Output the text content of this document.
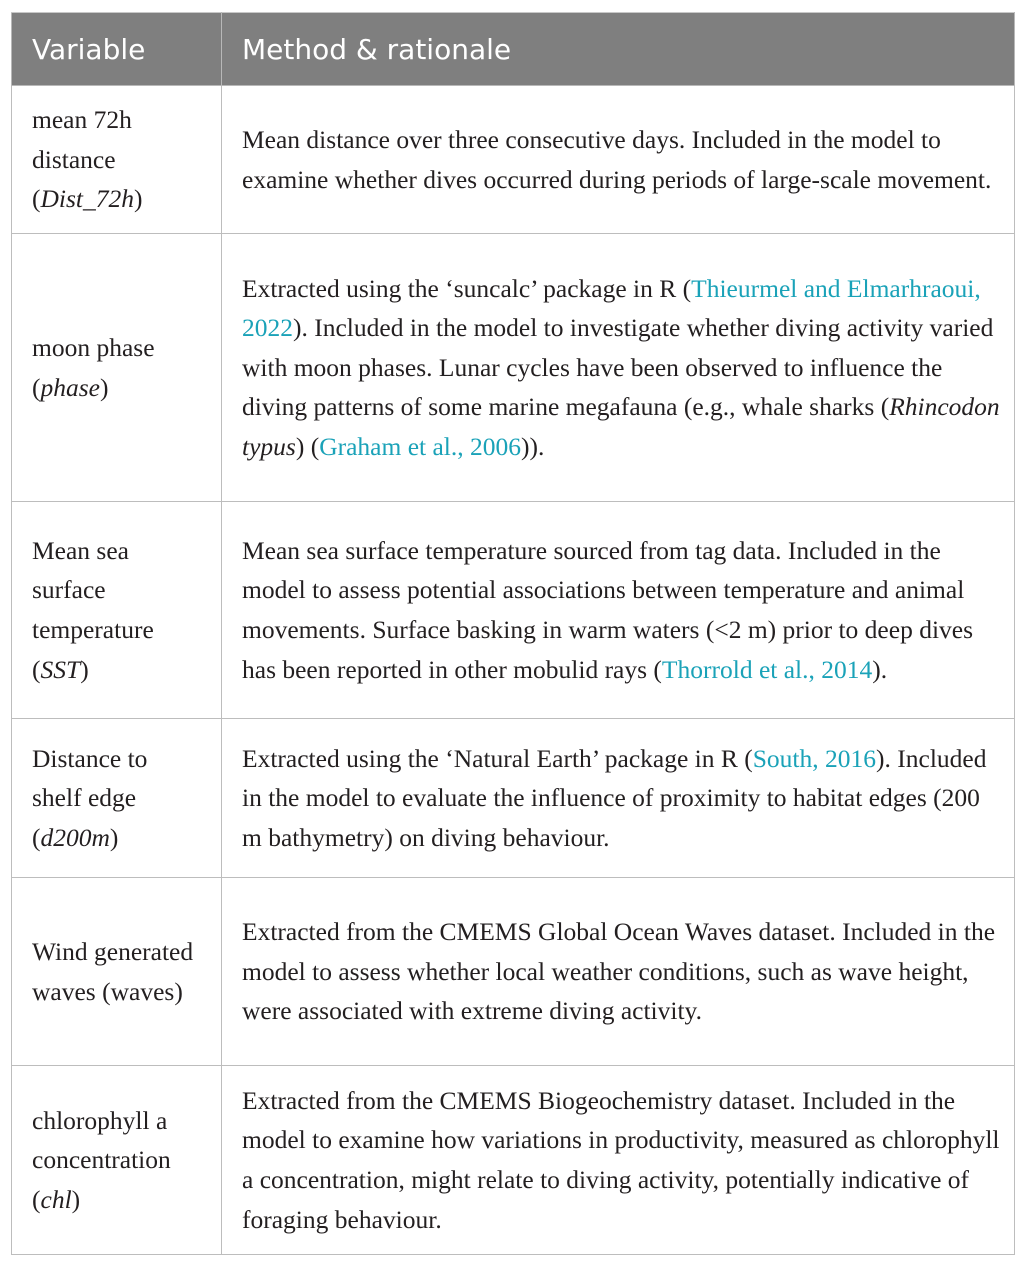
Variable	Method & rationale
mean 72h distance (Dist_72h)	Mean distance over three consecutive days. Included in the model to examine whether dives occurred during periods of large-scale movement.
moon phase (phase)	Extracted using the ‘suncalc’ package in R (Thieurmel and Elmarhraoui, 2022). Included in the model to investigate whether diving activity varied with moon phases. Lunar cycles have been observed to influence the diving patterns of some marine megafauna (e.g., whale sharks (Rhincodon typus) (Graham et al., 2006)).
Mean sea surface temperature (SST)	Mean sea surface temperature sourced from tag data. Included in the model to assess potential associations between temperature and animal movements. Surface basking in warm waters (<2 m) prior to deep dives has been reported in other mobulid rays (Thorrold et al., 2014).
Distance to shelf edge (d200m)	Extracted using the ‘Natural Earth’ package in R (South, 2016). Included in the model to evaluate the influence of proximity to habitat edges (200 m bathymetry) on diving behaviour.
Wind generated waves (waves)	Extracted from the CMEMS Global Ocean Waves dataset. Included in the model to assess whether local weather conditions, such as wave height, were associated with extreme diving activity.
chlorophyll a concentration (chl)	Extracted from the CMEMS Biogeochemistry dataset. Included in the model to examine how variations in productivity, measured as chlorophyll a concentration, might relate to diving activity, potentially indicative of foraging behaviour.
